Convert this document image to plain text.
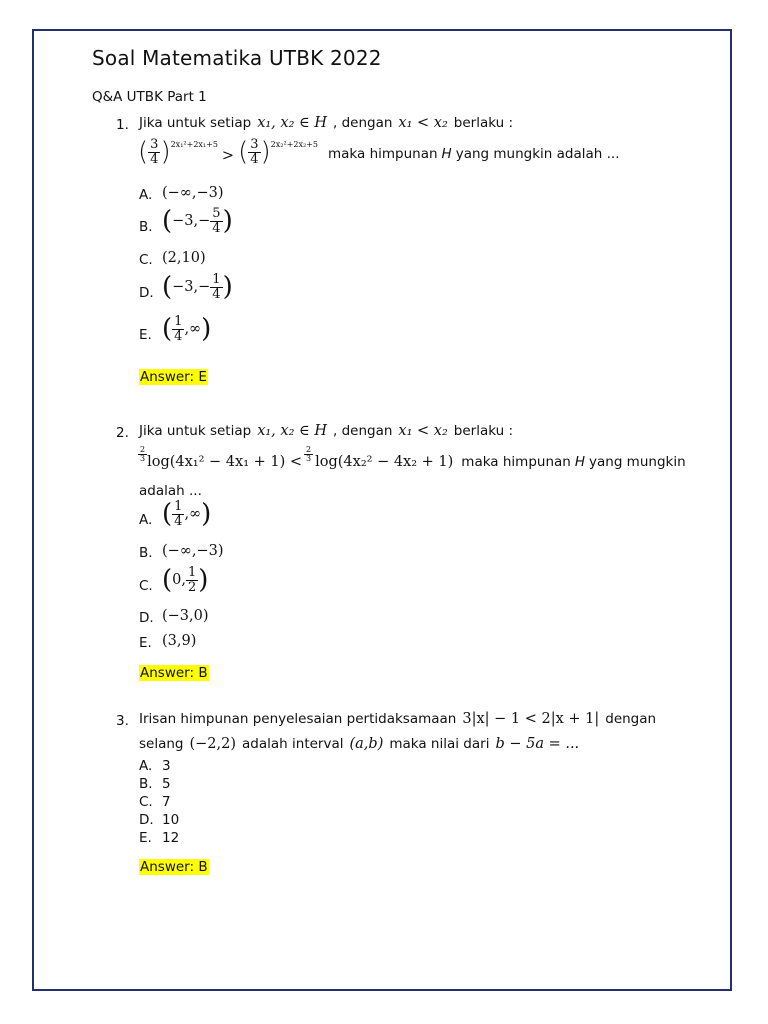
Soal Matematika UTBK 2022
Q&A UTBK Part 1
1. Jika untuk setiap x₁, x₂ ∈ H , dengan x₁ < x₂ berlaku :
( $\frac{3}{4}$ ) 2x₁²+2x₁+5
> ( $\frac{3}{4}$ ) 2x₂²+2x₂+5
maka himpunan H yang mungkin adalah ...
A. (−∞,−3)
B. ( $-3,- \frac{5}{4}$ )
C. (2,10)
D. ( $-3,- \frac{1}{4}$ )
E. ( $\frac{1}{4}$ ,∞ )
Answer: E
2. Jika untuk setiap x₁, x₂ ∈ H , dengan x₁ < x₂ berlaku :
$\frac{2}{3} \log(4x_1^2 - 4x_1 + 1) < \frac{2}{3} \log(4x_2^2 - 4x_2 + 1)$ maka himpunan H yang mungkin
adalah ...
A. ( $\frac{1}{4}$ ,∞ )
B. (−∞,−3)
C. ( 0, $\frac{1}{2}$ )
D. (−3,0)
E. (3,9)
Answer: B
3. Irisan himpunan penyelesaian pertidaksamaan 3|x| − 1 < 2|x + 1| dengan
selang (−2,2) adalah interval (a,b) maka nilai dari b − 5a = ...
A. 3
B. 5
C. 7
D. 10
E. 12
Answer: B
